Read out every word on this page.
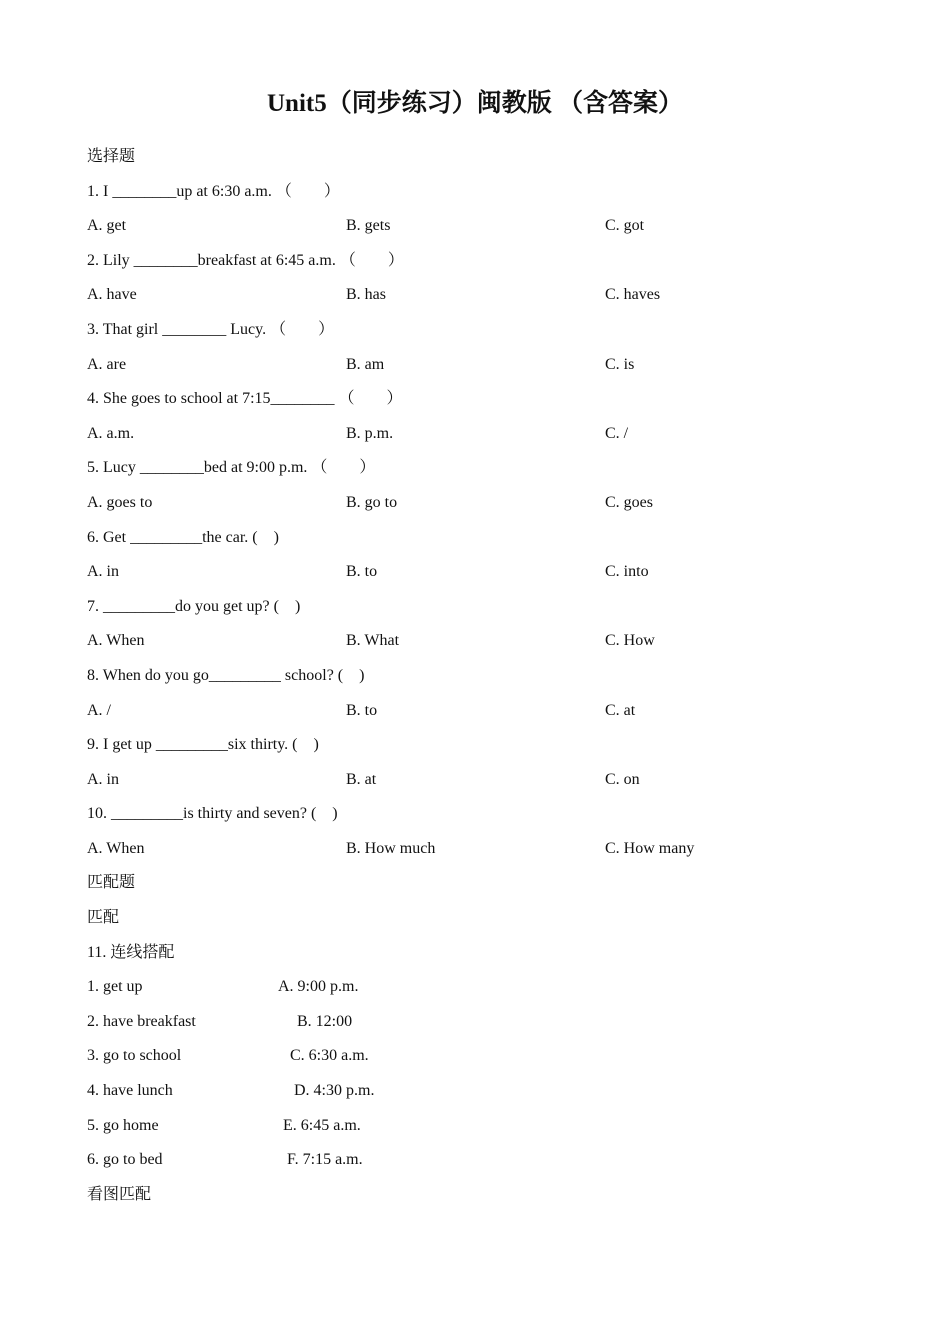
Unit5（同步练习）闽教版 （含答案）
选择题
1. I ________up at 6:30 a.m. （　　）
A. get	B. gets	C. got
2. Lily ________breakfast at 6:45 a.m. （　　）
A. have	B. has	C. haves
3. That girl ________ Lucy. （　　）
A. are	B. am	C. is
4. She goes to school at 7:15________ （　　）
A. a.m.	B. p.m.	C. /
5. Lucy ________bed at 9:00 p.m. （　　）
A. goes to	B. go to	C. goes
6. Get _________the car. (　)
A. in	B. to	C. into
7. _________do you get up? (　)
A. When	B. What	C. How
8. When do you go_________ school? (　)
A. /	B. to	C. at
9. I get up _________six thirty. (　)
A. in	B. at	C. on
10. _________is thirty and seven? (　)
A. When	B. How much	C. How many
匹配题
匹配
11. 连线搭配
1. get up	A. 9:00 p.m.
2. have breakfast	B. 12:00
3. go to school	C. 6:30 a.m.
4. have lunch	D. 4:30 p.m.
5. go home	E. 6:45 a.m.
6. go to bed	F. 7:15 a.m.
看图匹配
